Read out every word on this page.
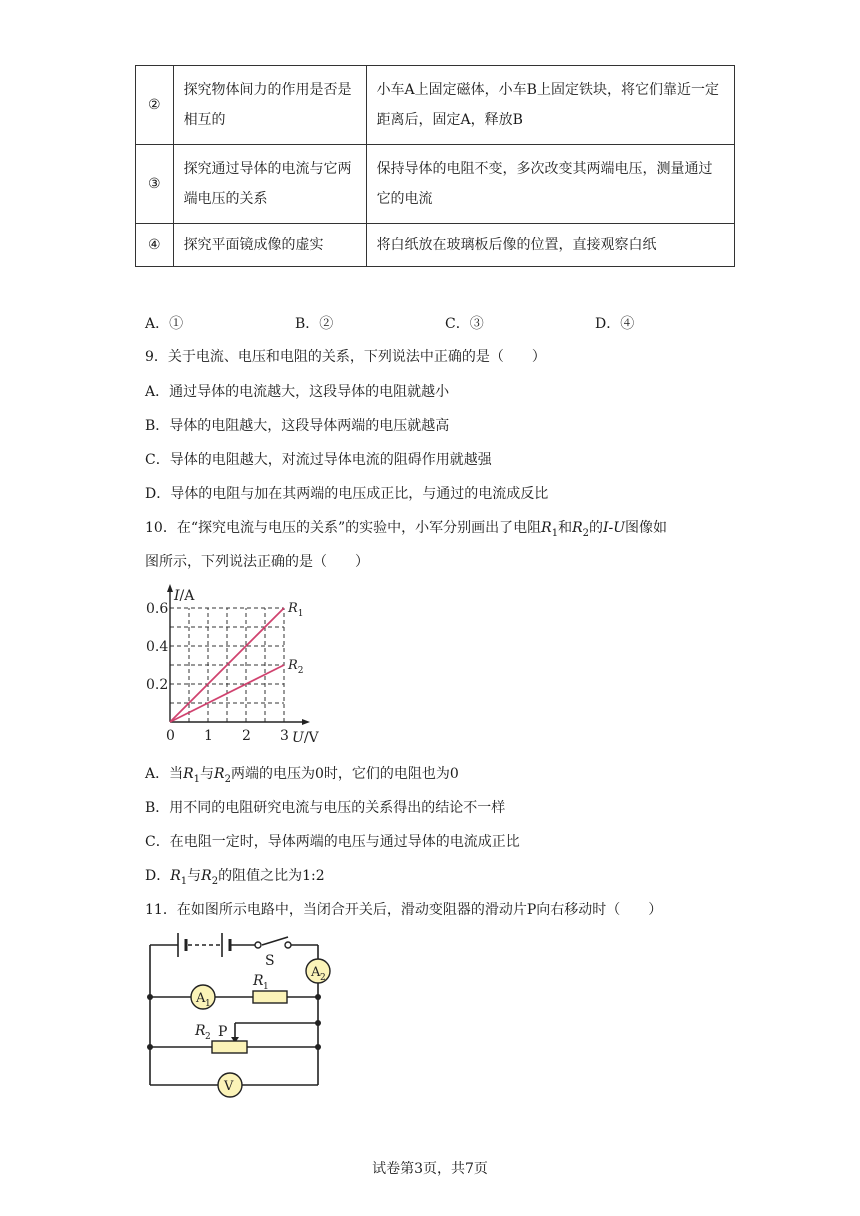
②	探究物体间力的作用是否是相互的	小车A上固定磁体，小车B上固定铁块，将它们靠近一定距离后，固定A，释放B
③	探究通过导体的电流与它两端电压的关系	保持导体的电阻不变，多次改变其两端电压，测量通过它的电流
④	探究平面镜成像的虚实	将白纸放在玻璃板后像的位置，直接观察白纸
A．①	B．②	C．③	D．④
9．关于电流、电压和电阻的关系，下列说法中正确的是（　　）
A．通过导体的电流越大，这段导体的电阻就越小
B．导体的电阻越大，这段导体两端的电压就越高
C．导体的电阻越大，对流过导体电流的阻碍作用就越强
D．导体的电阻与加在其两端的电压成正比，与通过的电流成反比
10．在“探究电流与电压的关系”的实验中，小军分别画出了电阻$R_1$和$R_2$的I-U图像如
图所示，下列说法正确的是（　　）
0 1 2 3
0.2
0.4
0.6
I/A
U/V
$R_1$
$R_2$
A．当$R_1$与$R_2$两端的电压为0时，它们的电阻也为0
B．用不同的电阻研究电流与电压的关系得出的结论不一样
C．在电阻一定时，导体两端的电压与通过导体的电流成正比
D．$R_1$与$R_2$的阻值之比为1:2
11．在如图所示电路中，当闭合开关后，滑动变阻器的滑动片P向右移动时（　　）
S
A 2
A 1
R 1
R 2 P
V
试卷第3页，共7页
